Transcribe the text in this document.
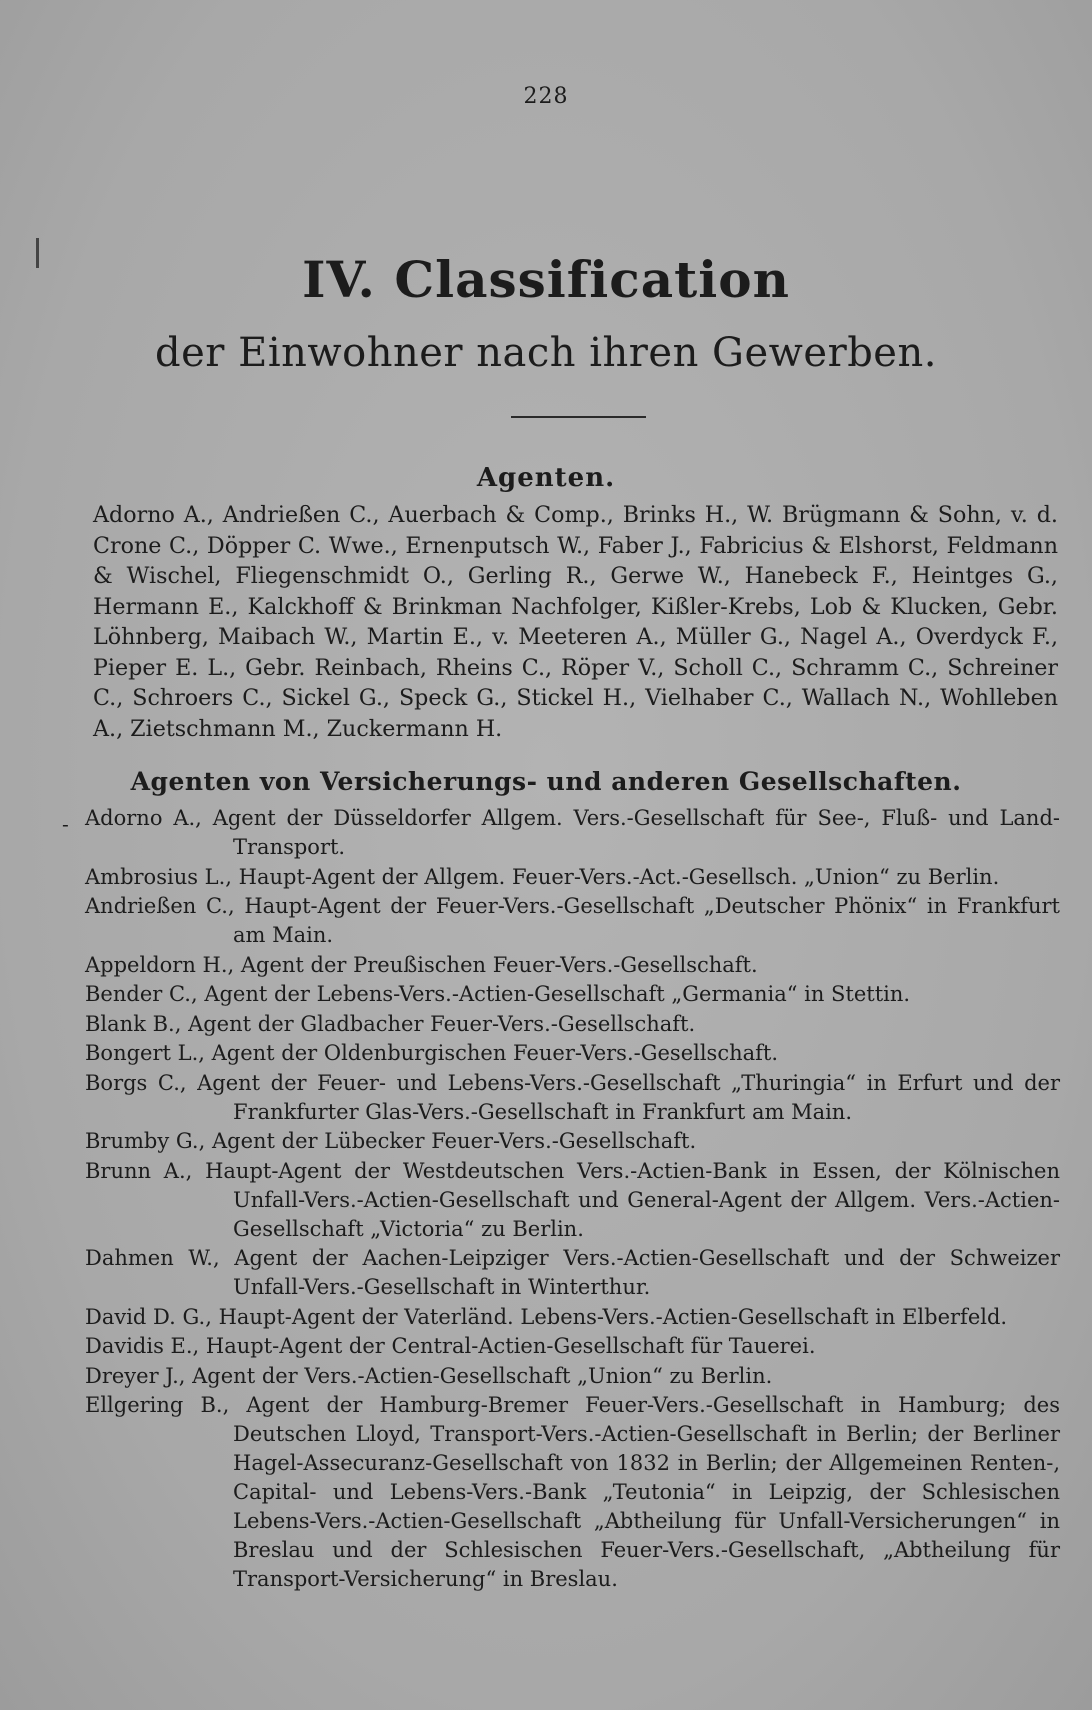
228
IV. Classification
der Einwohner nach ihren Gewerben.
Agenten.

Adorno A., Andrießen C., Auerbach & Comp., Brinks H., W. Brügmann & Sohn, v. d. Crone C., Döpper C. Wwe., Ernenputsch W., Faber J., Fabricius & Elshorst, Feldmann & Wischel, Fliegenschmidt O., Gerling R., Gerwe W., Hanebeck F., Heintges G., Hermann E., Kalckhoff & Brinkman Nachfolger, Kißler-Krebs, Lob & Klucken, Gebr. Löhnberg, Maibach W., Martin E., v. Meeteren A., Müller G., Nagel A., Overdyck F., Pieper E. L., Gebr. Reinbach, Rheins C., Röper V., Scholl C., Schramm C., Schreiner C., Schroers C., Sickel G., Speck G., Stickel H., Vielhaber C., Wallach N., Wohlleben A., Zietschmann M., Zuckermann H.

Agenten von Versicherungs- und anderen Gesellschaften.
- Adorno A., Agent der Düsseldorfer Allgem. Vers.-Gesellschaft für See-, Fluß- und Land-Transport.

Ambrosius L., Haupt-Agent der Allgem. Feuer-Vers.-Act.-Gesellsch. „Union“ zu Berlin.

Andrießen C., Haupt-Agent der Feuer-Vers.-Gesellschaft „Deutscher Phönix“ in Frankfurt am Main.

Appeldorn H., Agent der Preußischen Feuer-Vers.-Gesellschaft.

Bender C., Agent der Lebens-Vers.-Actien-Gesellschaft „Germania“ in Stettin.

Blank B., Agent der Gladbacher Feuer-Vers.-Gesellschaft.

Bongert L., Agent der Oldenburgischen Feuer-Vers.-Gesellschaft.

Borgs C., Agent der Feuer- und Lebens-Vers.-Gesellschaft „Thuringia“ in Erfurt und der Frankfurter Glas-Vers.-Gesellschaft in Frankfurt am Main.

Brumby G., Agent der Lübecker Feuer-Vers.-Gesellschaft.

Brunn A., Haupt-Agent der Westdeutschen Vers.-Actien-Bank in Essen, der Kölnischen Unfall-Vers.-Actien-Gesellschaft und General-Agent der Allgem. Vers.-Actien-Gesellschaft „Victoria“ zu Berlin.

Dahmen W., Agent der Aachen-Leipziger Vers.-Actien-Gesellschaft und der Schweizer Unfall-Vers.-Gesellschaft in Winterthur.

David D. G., Haupt-Agent der Vaterländ. Lebens-Vers.-Actien-Gesellschaft in Elberfeld.

Davidis E., Haupt-Agent der Central-Actien-Gesellschaft für Tauerei.

Dreyer J., Agent der Vers.-Actien-Gesellschaft „Union“ zu Berlin.

Ellgering B., Agent der Hamburg-Bremer Feuer-Vers.-Gesellschaft in Hamburg; des Deutschen Lloyd, Transport-Vers.-Actien-Gesellschaft in Berlin; der Berliner Hagel-Assecuranz-Gesellschaft von 1832 in Berlin; der Allgemeinen Renten-, Capital- und Lebens-Vers.-Bank „Teutonia“ in Leipzig, der Schlesischen Lebens-Vers.-Actien-Gesellschaft „Abtheilung für Unfall-Versicherungen“ in Breslau und der Schlesischen Feuer-Vers.-Gesellschaft, „Abtheilung für Transport-Versicherung“ in Breslau.
